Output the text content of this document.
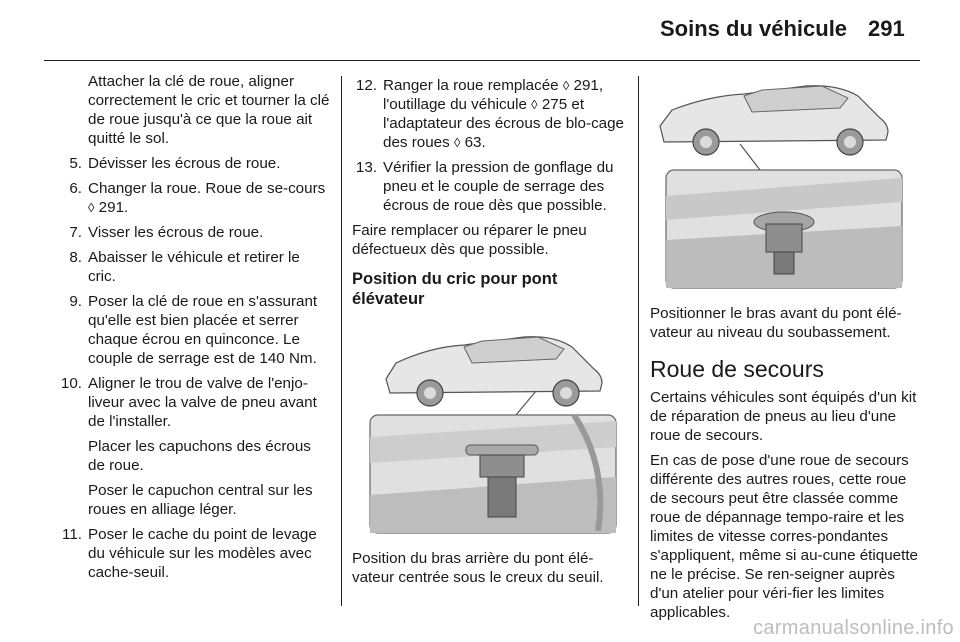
Soins du véhicule 291

Attacher la clé de roue, aligner correctement le cric et tourner la clé de roue jusqu'à ce que la roue ait quitté le sol.

5. Dévisser les écrous de roue.
6. Changer la roue. Roue de se-cours ◊ 291.
7. Visser les écrous de roue.
8. Abaisser le véhicule et retirer le cric.
9. Poser la clé de roue en s'assurant qu'elle est bien placée et serrer chaque écrou en quinconce. Le couple de serrage est de 140 Nm.
10. Aligner le trou de valve de l'enjo-liveur avec la valve de pneu avant de l'installer.
Placer les capuchons des écrous de roue.
Poser le capuchon central sur les roues en alliage léger.
11. Poser le cache du point de levage du véhicule sur les modèles avec cache-seuil.
12. Ranger la roue remplacée ◊ 291, l'outillage du véhicule ◊ 275 et l'adaptateur des écrous de blo-cage des roues ◊ 63.
13. Vérifier la pression de gonflage du pneu et le couple de serrage des écrous de roue dès que possible.

Faire remplacer ou réparer le pneu défectueux dès que possible.

Position du cric pour pont élévateur

Position du bras arrière du pont élé-vateur centrée sous le creux du seuil.

Positionner le bras avant du pont élé-vateur au niveau du soubassement.

Roue de secours

Certains véhicules sont équipés d'un kit de réparation de pneus au lieu d'une roue de secours.

En cas de pose d'une roue de secours différente des autres roues, cette roue de secours peut être classée comme roue de dépannage tempo-raire et les limites de vitesse corres-pondantes s'appliquent, même si au-cune étiquette ne le précise. Se ren-seigner auprès d'un atelier pour véri-fier les limites applicables.

carmanualsonline.info
